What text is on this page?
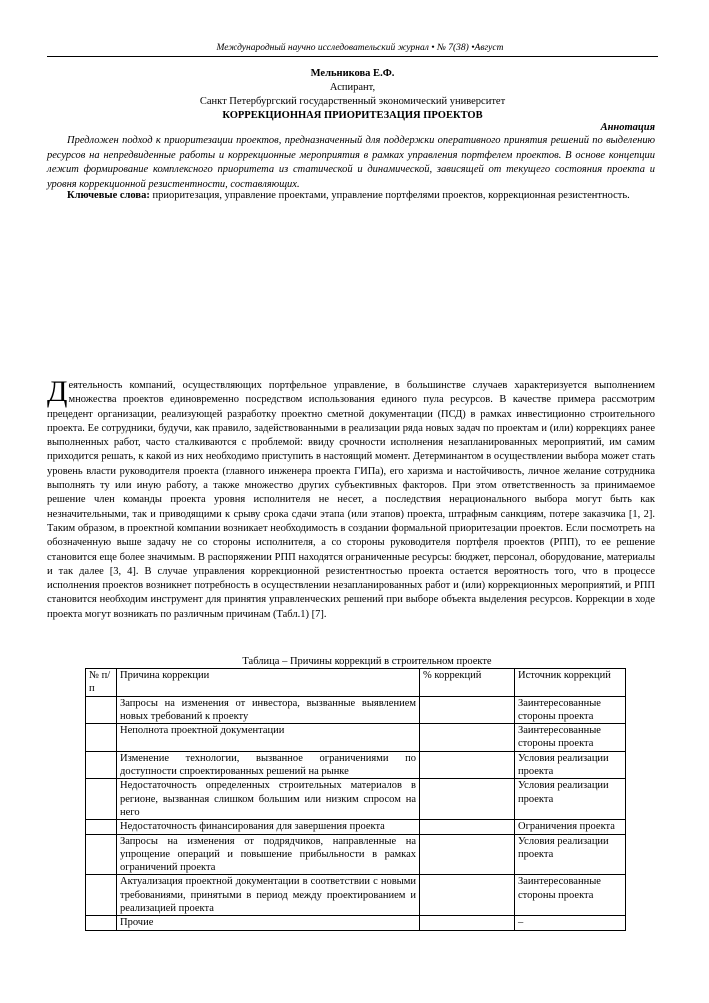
Международный научно исследовательский журнал • № 7(38) •Август
Мельникова Е.Ф.
Аспирант,
Санкт Петербургский государственный экономический университет
КОРРЕКЦИОННАЯ ПРИОРИТЕЗАЦИЯ ПРОЕКТОВ
Аннотация

Предложен подход к приоритезации проектов, предназначенный для поддержки оперативного принятия решений по выделению ресурсов на непредвиденные работы и коррекционные мероприятия в рамках управления портфелем проектов. В основе концепции лежит формирование комплексного приоритета из статической и динамической, зависящей от текущего состояния проекта и уровня коррекционной резистентности, составляющих.

Ключевые слова: приоритезация, управление проектами, управление портфелями проектов, коррекционная резистентность.

Деятельность компаний, осуществляющих портфельное управление, в большинстве случаев характеризуется выполнением множества проектов единовременно посредством использования единого пула ресурсов. В качестве примера рассмотрим прецедент организации, реализующей разработку проектно сметной документации (ПСД) в рамках инвестиционно строительного проекта. Ее сотрудники, будучи, как правило, задействованными в реализации ряда новых задач по проектам и (или) коррекциях ранее выполненных работ, часто сталкиваются с проблемой: ввиду срочности исполнения незапланированных мероприятий, им самим приходится решать, к какой из них необходимо приступить в настоящий момент. Детерминантом в осуществлении выбора может стать уровень власти руководителя проекта (главного инженера проекта ГИПа), его харизма и настойчивость, личное желание сотрудника выполнять ту или иную работу, а также множество других субъективных факторов. При этом ответственность за принимаемое решение член команды проекта уровня исполнителя не несет, а последствия нерационального выбора могут быть как незначительными, так и приводящими к срыву срока сдачи этапа (или этапов) проекта, штрафным санкциям, потере заказчика [1, 2]. Таким образом, в проектной компании возникает необходимость в создании формальной приоритезации проектов. Если посмотреть на обозначенную выше задачу не со стороны исполнителя, а со стороны руководителя портфеля проектов (РПП), то ее решение становится еще более значимым. В распоряжении РПП находятся ограниченные ресурсы: бюджет, персонал, оборудование, материалы и так далее [3, 4]. В случае управления коррекционной резистентностью проекта остается вероятность того, что в процессе исполнения проектов возникнет потребность в осуществлении незапланированных работ и (или) коррекционных мероприятий, и РПП становится необходим инструмент для принятия управленческих решений при выборе объекта выделения ресурсов. Коррекции в ходе проекта могут возникать по различным причинам (Табл.1) [7].

Таблица – Причины коррекций в строительном проекте
№ п/п	Причина коррекции	% коррекций	Источник коррекций
	Запросы на изменения от инвестора, вызванные выявлением новых требований к проекту		Заинтересованные стороны проекта
	Неполнота проектной документации		Заинтересованные стороны проекта
	Изменение технологии, вызванное ограничениями по доступности спроектированных решений на рынке		Условия реализации проекта
	Недостаточность определенных строительных материалов в регионе, вызванная слишком большим или низким спросом на него		Условия реализации проекта
	Недостаточность финансирования для завершения проекта		Ограничения проекта
	Запросы на изменения от подрядчиков, направленные на упрощение операций и повышение прибыльности в рамках ограничений проекта		Условия реализации проекта
	Актуализация проектной документации в соответствии с новыми требованиями, принятыми в период между проектированием и реализацией проекта		Заинтересованные стороны проекта
	Прочие		–
